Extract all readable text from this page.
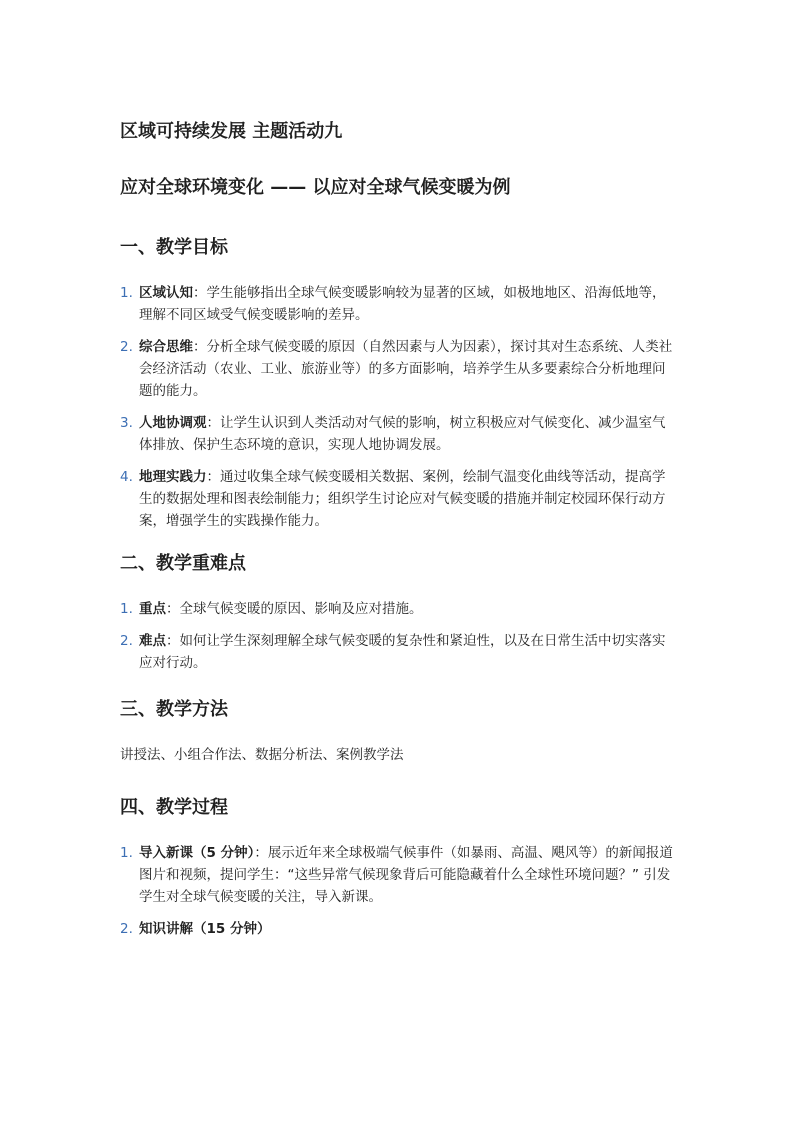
区域可持续发展 主题活动九
应对全球环境变化 —— 以应对全球气候变暖为例
一、教学目标
1. 区域认知：学生能够指出全球气候变暖影响较为显著的区域，如极地地区、沿海低地等，理解不同区域受气候变暖影响的差异。
2. 综合思维：分析全球气候变暖的原因（自然因素与人为因素），探讨其对生态系统、人类社会经济活动（农业、工业、旅游业等）的多方面影响，培养学生从多要素综合分析地理问题的能力。
3. 人地协调观：让学生认识到人类活动对气候的影响，树立积极应对气候变化、减少温室气体排放、保护生态环境的意识，实现人地协调发展。
4. 地理实践力：通过收集全球气候变暖相关数据、案例，绘制气温变化曲线等活动，提高学生的数据处理和图表绘制能力；组织学生讨论应对气候变暖的措施并制定校园环保行动方案，增强学生的实践操作能力。
二、教学重难点
1. 重点：全球气候变暖的原因、影响及应对措施。
2. 难点：如何让学生深刻理解全球气候变暖的复杂性和紧迫性，以及在日常生活中切实落实应对行动。
三、教学方法

讲授法、小组合作法、数据分析法、案例教学法

四、教学过程
1. 导入新课（5 分钟）：展示近年来全球极端气候事件（如暴雨、高温、飓风等）的新闻报道图片和视频，提问学生：“这些异常气候现象背后可能隐藏着什么全球性环境问题？” 引发学生对全球气候变暖的关注，导入新课。
2. 知识讲解（15 分钟）
